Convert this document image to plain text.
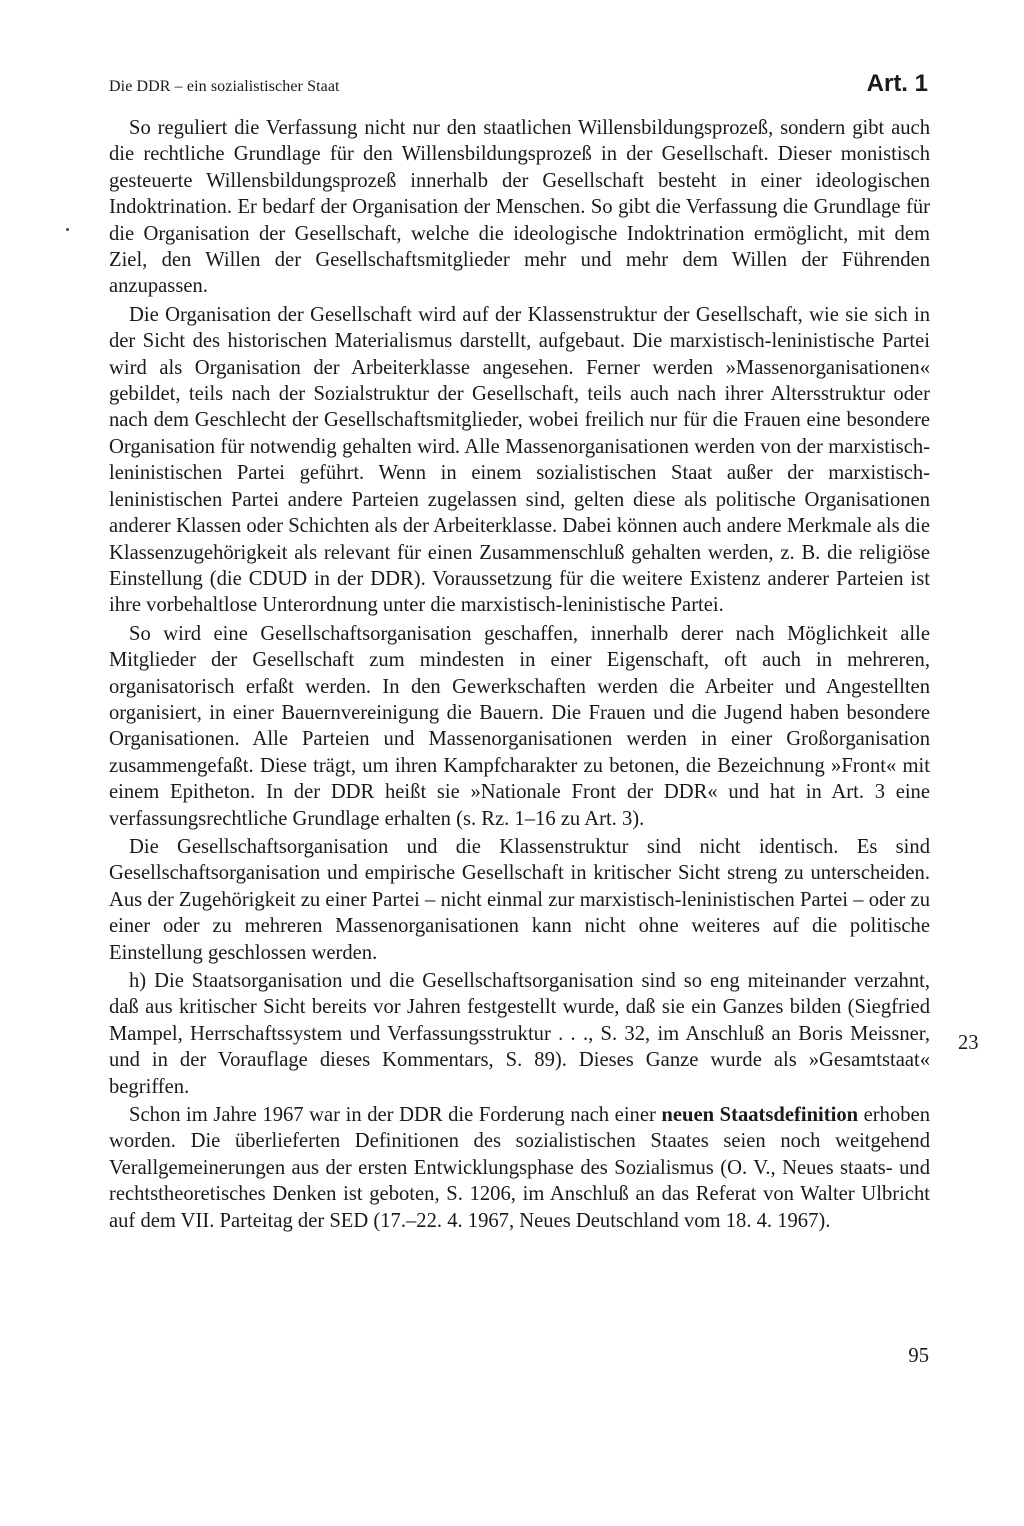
Die DDR – ein sozialistischer Staat	Art. 1

So reguliert die Verfassung nicht nur den staatlichen Willensbildungsprozeß, sondern gibt auch die rechtliche Grundlage für den Willensbildungsprozeß in der Gesellschaft. Dieser monistisch gesteuerte Willensbildungsprozeß innerhalb der Gesellschaft besteht in einer ideologischen Indoktrination. Er bedarf der Organisation der Menschen. So gibt die Verfassung die Grundlage für die Organisation der Gesellschaft, welche die ideologische Indoktrination ermöglicht, mit dem Ziel, den Willen der Gesellschaftsmitglieder mehr und mehr dem Willen der Führenden anzupassen.

Die Organisation der Gesellschaft wird auf der Klassenstruktur der Gesellschaft, wie sie sich in der Sicht des historischen Materialismus darstellt, aufgebaut. Die marxistisch-leninistische Partei wird als Organisation der Arbeiterklasse angesehen. Ferner werden »Massenorganisationen« gebildet, teils nach der Sozialstruktur der Gesellschaft, teils auch nach ihrer Altersstruktur oder nach dem Geschlecht der Gesellschaftsmitglieder, wobei freilich nur für die Frauen eine besondere Organisation für notwendig gehalten wird. Alle Massenorganisationen werden von der marxistisch-leninistischen Partei geführt. Wenn in einem sozialistischen Staat außer der marxistisch-leninistischen Partei andere Parteien zugelassen sind, gelten diese als politische Organisationen anderer Klassen oder Schichten als der Arbeiterklasse. Dabei können auch andere Merkmale als die Klassenzugehörigkeit als relevant für einen Zusammenschluß gehalten werden, z. B. die religiöse Einstellung (die CDUD in der DDR). Voraussetzung für die weitere Existenz anderer Parteien ist ihre vorbehaltlose Unterordnung unter die marxistisch-leninistische Partei.

So wird eine Gesellschaftsorganisation geschaffen, innerhalb derer nach Möglichkeit alle Mitglieder der Gesellschaft zum mindesten in einer Eigenschaft, oft auch in mehreren, organisatorisch erfaßt werden. In den Gewerkschaften werden die Arbeiter und Angestellten organisiert, in einer Bauernvereinigung die Bauern. Die Frauen und die Jugend haben besondere Organisationen. Alle Parteien und Massenorganisationen werden in einer Großorganisation zusammengefaßt. Diese trägt, um ihren Kampfcharakter zu betonen, die Bezeichnung »Front« mit einem Epitheton. In der DDR heißt sie »Nationale Front der DDR« und hat in Art. 3 eine verfassungsrechtliche Grundlage erhalten (s. Rz. 1–16 zu Art. 3).

Die Gesellschaftsorganisation und die Klassenstruktur sind nicht identisch. Es sind Gesellschaftsorganisation und empirische Gesellschaft in kritischer Sicht streng zu unterscheiden. Aus der Zugehörigkeit zu einer Partei – nicht einmal zur marxistisch-leninistischen Partei – oder zu einer oder zu mehreren Massenorganisationen kann nicht ohne weiteres auf die politische Einstellung geschlossen werden.

h) Die Staatsorganisation und die Gesellschaftsorganisation sind so eng miteinander verzahnt, daß aus kritischer Sicht bereits vor Jahren festgestellt wurde, daß sie ein Ganzes bilden (Siegfried Mampel, Herrschaftssystem und Verfassungsstruktur . . ., S. 32, im Anschluß an Boris Meissner, und in der Vorauflage dieses Kommentars, S. 89). Dieses Ganze wurde als »Gesamtstaat« begriffen.

Schon im Jahre 1967 war in der DDR die Forderung nach einer neuen Staatsdefinition erhoben worden. Die überlieferten Definitionen des sozialistischen Staates seien noch weitgehend Verallgemeinerungen aus der ersten Entwicklungsphase des Sozialismus (O. V., Neues staats- und rechtstheoretisches Denken ist geboten, S. 1206, im Anschluß an das Referat von Walter Ulbricht auf dem VII. Parteitag der SED (17.–22. 4. 1967, Neues Deutschland vom 18. 4. 1967).

23
95
